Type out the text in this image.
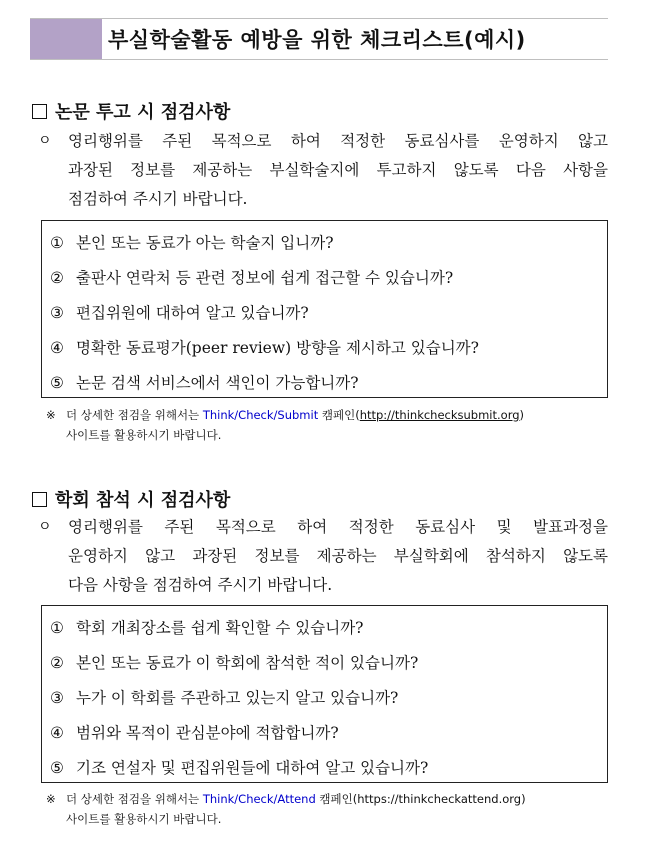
부실학술활동 예방을 위한 체크리스트(예시)
논문 투고 시 점검사항
ㅇ 영리행위를 주된 목적으로 하여 적정한 동료심사를 운영하지 않고
과장된 정보를 제공하는 부실학술지에 투고하지 않도록 다음 사항을
점검하여 주시기 바랍니다.
① 본인 또는 동료가 아는 학술지 입니까?
② 출판사 연락처 등 관련 정보에 쉽게 접근할 수 있습니까?
③ 편집위원에 대하여 알고 있습니까?
④ 명확한 동료평가(peer review) 방향을 제시하고 있습니까?
⑤ 논문 검색 서비스에서 색인이 가능합니까?
※ 더 상세한 점검을 위해서는 Think/Check/Submit 캠페인(http://thinkchecksubmit.org)
사이트를 활용하시기 바랍니다.
학회 참석 시 점검사항
ㅇ 영리행위를 주된 목적으로 하여 적정한 동료심사 및 발표과정을
운영하지 않고 과장된 정보를 제공하는 부실학회에 참석하지 않도록
다음 사항을 점검하여 주시기 바랍니다.
① 학회 개최장소를 쉽게 확인할 수 있습니까?
② 본인 또는 동료가 이 학회에 참석한 적이 있습니까?
③ 누가 이 학회를 주관하고 있는지 알고 있습니까?
④ 범위와 목적이 관심분야에 적합합니까?
⑤ 기조 연설자 및 편집위원들에 대하여 알고 있습니까?
※ 더 상세한 점검을 위해서는 Think/Check/Attend 캠페인(https://thinkcheckattend.org)
사이트를 활용하시기 바랍니다.
